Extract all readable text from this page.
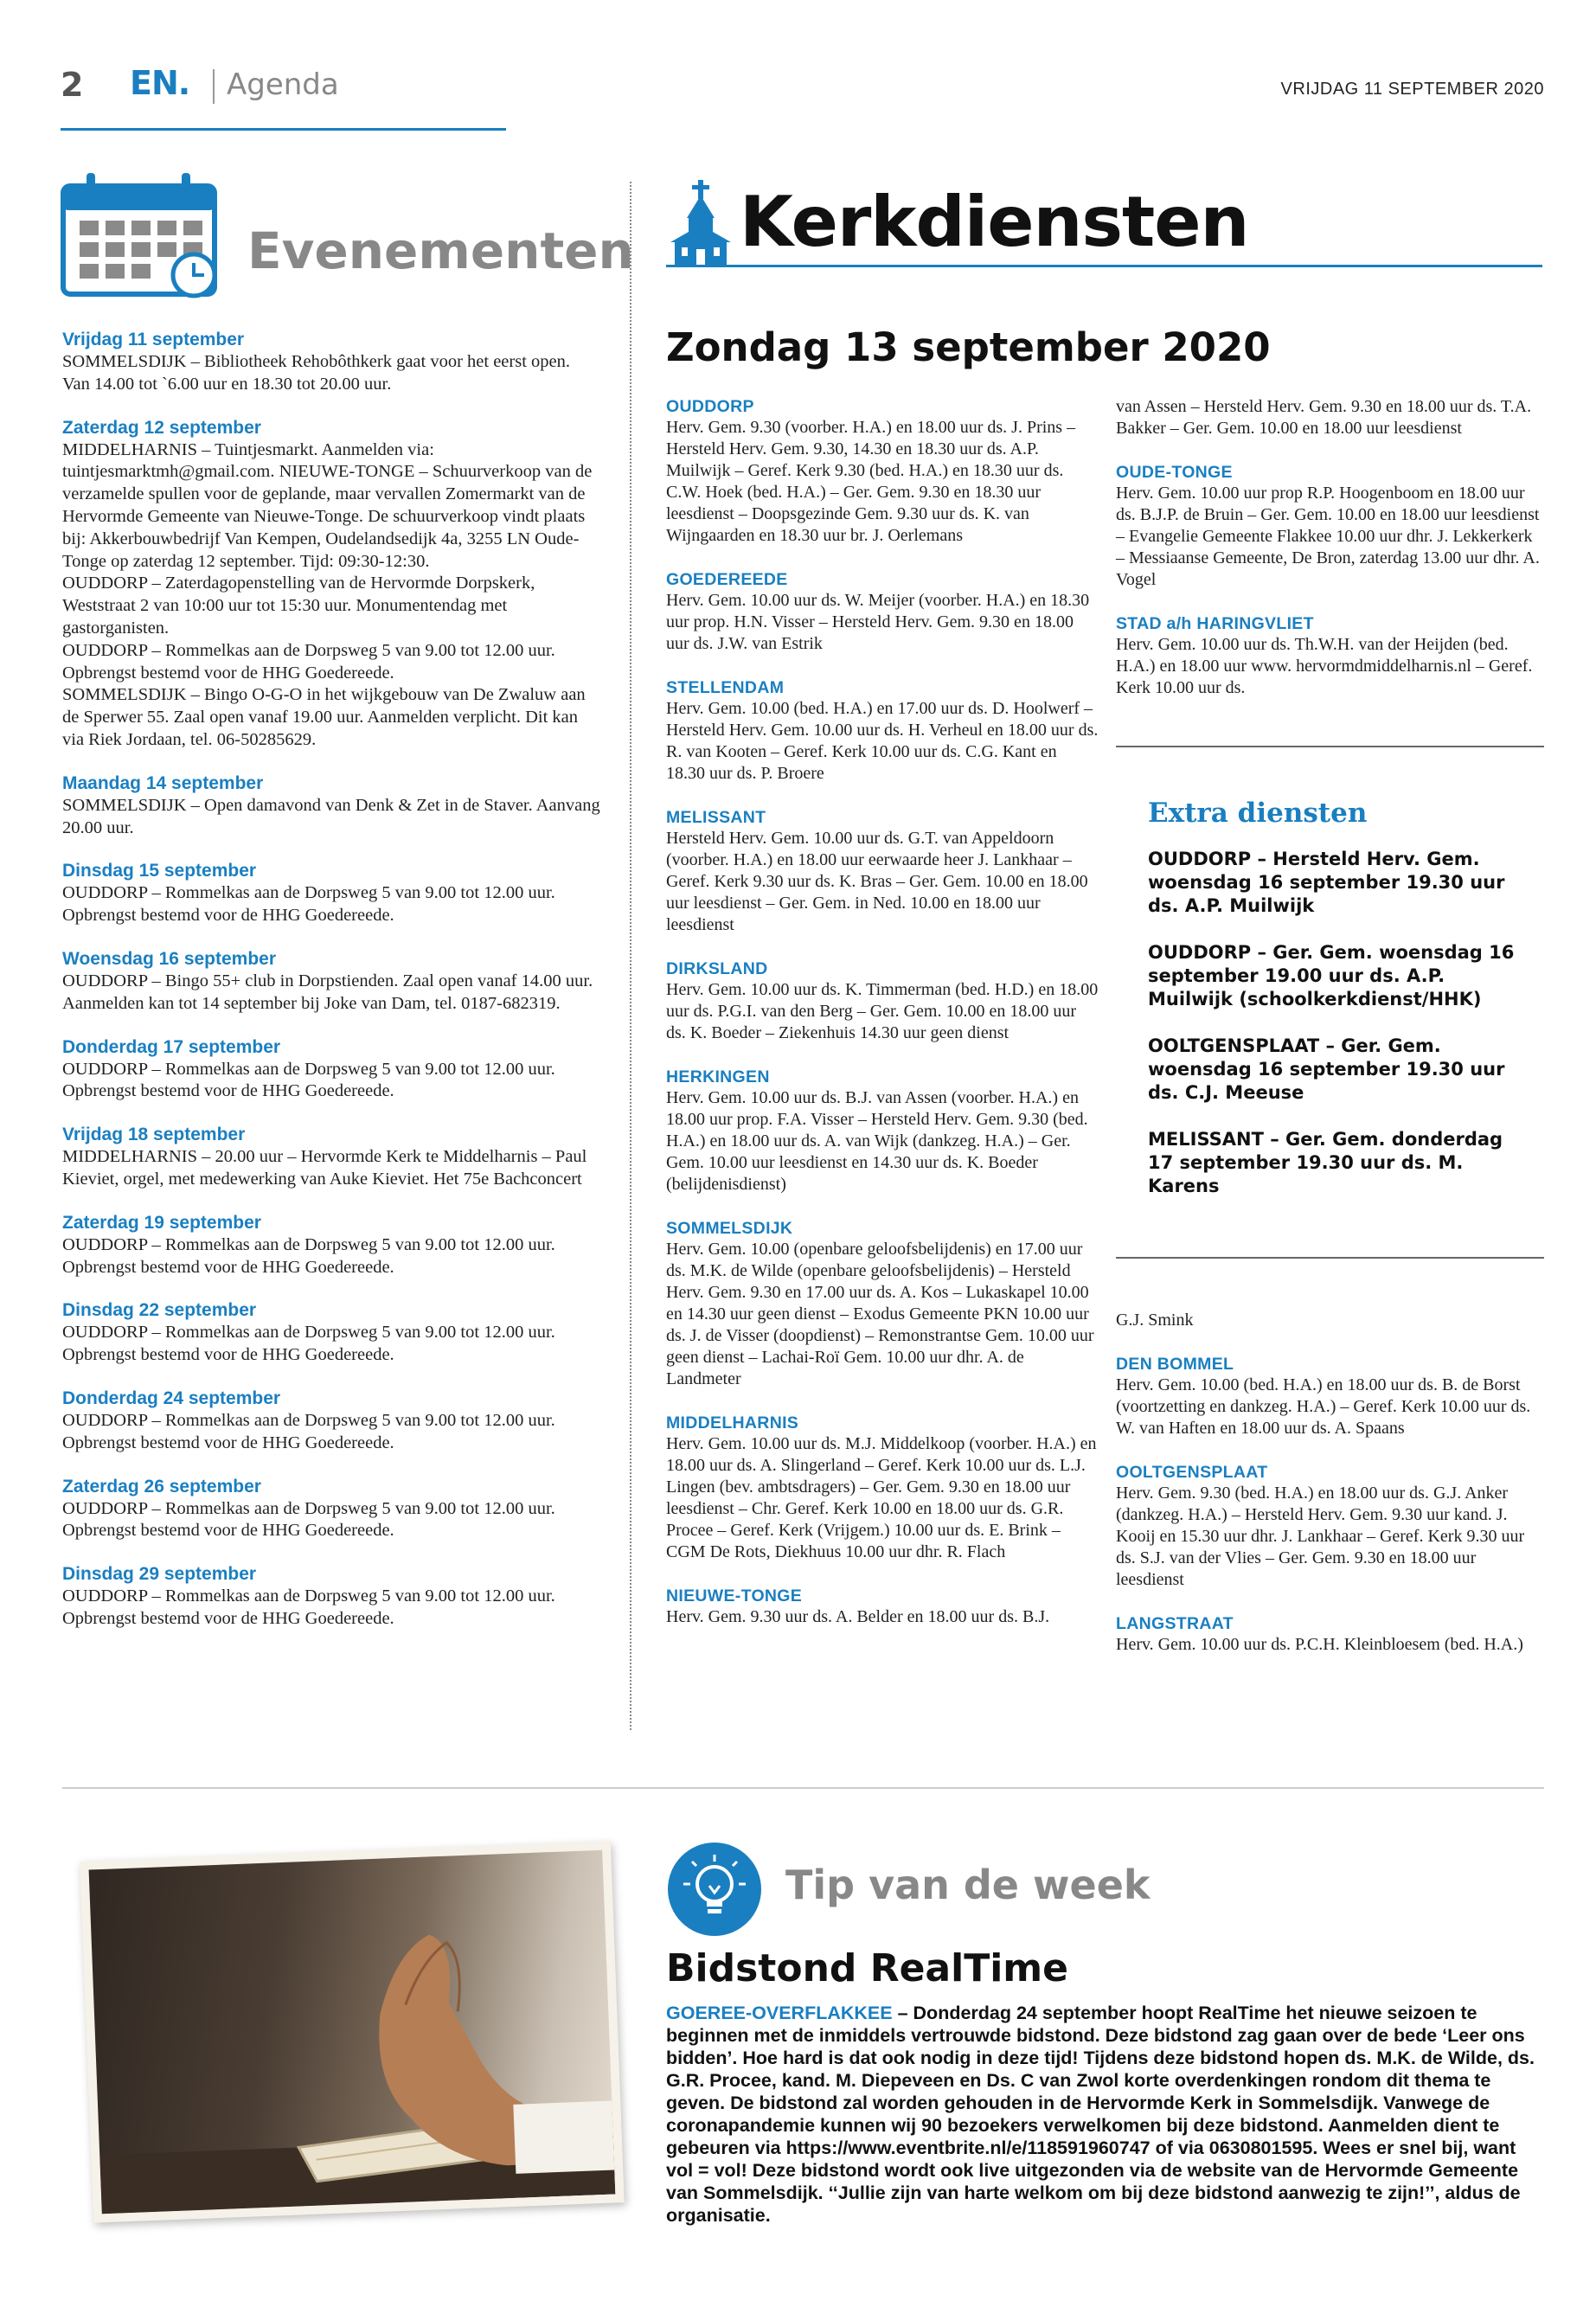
2 EN. Agenda	VRIJDAG 11 SEPTEMBER 2020
Evenementen
Vrijdag 11 september
SOMMELSDIJK – Bibliotheek Rehobôthkerk gaat voor het eerst open. Van 14.00 tot `6.00 uur en 18.30 tot 20.00 uur.
Zaterdag 12 september
MIDDELHARNIS – Tuintjesmarkt. Aanmelden via: tuintjesmarktmh@gmail.com. NIEUWE-TONGE – Schuurverkoop van de verzamelde spullen voor de geplande, maar vervallen Zomermarkt van de Hervormde Gemeente van Nieuwe-Tonge. De schuurverkoop vindt plaats bij: Akkerbouwbedrijf Van Kempen, Oudelandsedijk 4a, 3255 LN Oude-Tonge op zaterdag 12 september. Tijd: 09:30-12:30.
OUDDORP – Zaterdagopenstelling van de Hervormde Dorpskerk, Weststraat 2 van 10:00 uur tot 15:30 uur. Monumentendag met gastorganisten.
OUDDORP – Rommelkas aan de Dorpsweg 5 van 9.00 tot 12.00 uur. Opbrengst bestemd voor de HHG Goedereede.
SOMMELSDIJK – Bingo O-G-O in het wijkgebouw van De Zwaluw aan de Sperwer 55. Zaal open vanaf 19.00 uur. Aanmelden verplicht. Dit kan via Riek Jordaan, tel. 06-50285629.
Maandag 14 september
SOMMELSDIJK – Open damavond van Denk & Zet in de Staver. Aanvang 20.00 uur.
Dinsdag 15 september
OUDDORP – Rommelkas aan de Dorpsweg 5 van 9.00 tot 12.00 uur. Opbrengst bestemd voor de HHG Goedereede.
Woensdag 16 september
OUDDORP – Bingo 55+ club in Dorpstienden. Zaal open vanaf 14.00 uur. Aanmelden kan tot 14 september bij Joke van Dam, tel. 0187-682319.
Donderdag 17 september
OUDDORP – Rommelkas aan de Dorpsweg 5 van 9.00 tot 12.00 uur. Opbrengst bestemd voor de HHG Goedereede.
Vrijdag 18 september
MIDDELHARNIS – 20.00 uur – Hervormde Kerk te Middelharnis – Paul Kieviet, orgel, met medewerking van Auke Kieviet. Het 75e Bachconcert
Zaterdag 19 september
OUDDORP – Rommelkas aan de Dorpsweg 5 van 9.00 tot 12.00 uur. Opbrengst bestemd voor de HHG Goedereede.
Dinsdag 22 september
OUDDORP – Rommelkas aan de Dorpsweg 5 van 9.00 tot 12.00 uur. Opbrengst bestemd voor de HHG Goedereede.
Donderdag 24 september
OUDDORP – Rommelkas aan de Dorpsweg 5 van 9.00 tot 12.00 uur. Opbrengst bestemd voor de HHG Goedereede.
Zaterdag 26 september
OUDDORP – Rommelkas aan de Dorpsweg 5 van 9.00 tot 12.00 uur. Opbrengst bestemd voor de HHG Goedereede.
Dinsdag 29 september
OUDDORP – Rommelkas aan de Dorpsweg 5 van 9.00 tot 12.00 uur. Opbrengst bestemd voor de HHG Goedereede.
Kerkdiensten
Zondag 13 september 2020
OUDDORP
Herv. Gem. 9.30 (voorber. H.A.) en 18.00 uur ds. J. Prins – Hersteld Herv. Gem. 9.30, 14.30 en 18.30 uur ds. A.P. Muilwijk – Geref. Kerk 9.30 (bed. H.A.) en 18.30 uur ds. C.W. Hoek (bed. H.A.) – Ger. Gem. 9.30 en 18.30 uur leesdienst – Doopsgezinde Gem. 9.30 uur ds. K. van Wijngaarden en 18.30 uur br. J. Oerlemans
GOEDEREEDE
Herv. Gem. 10.00 uur ds. W. Meijer (voorber. H.A.) en 18.30 uur prop. H.N. Visser – Hersteld Herv. Gem. 9.30 en 18.00 uur ds. J.W. van Estrik
STELLENDAM
Herv. Gem. 10.00 (bed. H.A.) en 17.00 uur ds. D. Hoolwerf – Hersteld Herv. Gem. 10.00 uur ds. H. Verheul en 18.00 uur ds. R. van Kooten – Geref. Kerk 10.00 uur ds. C.G. Kant en 18.30 uur ds. P. Broere
MELISSANT
Hersteld Herv. Gem. 10.00 uur ds. G.T. van Appeldoorn (voorber. H.A.) en 18.00 uur eerwaarde heer J. Lankhaar – Geref. Kerk 9.30 uur ds. K. Bras – Ger. Gem. 10.00 en 18.00 uur leesdienst – Ger. Gem. in Ned. 10.00 en 18.00 uur leesdienst
DIRKSLAND
Herv. Gem. 10.00 uur ds. K. Timmerman (bed. H.D.) en 18.00 uur ds. P.G.I. van den Berg – Ger. Gem. 10.00 en 18.00 uur ds. K. Boeder – Ziekenhuis 14.30 uur geen dienst
HERKINGEN
Herv. Gem. 10.00 uur ds. B.J. van Assen (voorber. H.A.) en 18.00 uur prop. F.A. Visser – Hersteld Herv. Gem. 9.30 (bed. H.A.) en 18.00 uur ds. A. van Wijk (dankzeg. H.A.) – Ger. Gem. 10.00 uur leesdienst en 14.30 uur ds. K. Boeder (belijdenisdienst)
SOMMELSDIJK
Herv. Gem. 10.00 (openbare geloofsbelijdenis) en 17.00 uur ds. M.K. de Wilde (openbare geloofsbelijdenis) – Hersteld Herv. Gem. 9.30 en 17.00 uur ds. A. Kos – Lukaskapel 10.00 en 14.30 uur geen dienst – Exodus Gemeente PKN 10.00 uur ds. J. de Visser (doopdienst) – Remonstrantse Gem. 10.00 uur geen dienst – Lachai-Roï Gem. 10.00 uur dhr. A. de Landmeter
MIDDELHARNIS
Herv. Gem. 10.00 uur ds. M.J. Middelkoop (voorber. H.A.) en 18.00 uur ds. A. Slingerland – Geref. Kerk 10.00 uur ds. L.J. Lingen (bev. ambtsdragers) – Ger. Gem. 9.30 en 18.00 uur leesdienst – Chr. Geref. Kerk 10.00 en 18.00 uur ds. G.R. Procee – Geref. Kerk (Vrijgem.) 10.00 uur ds. E. Brink – CGM De Rots, Diekhuus 10.00 uur dhr. R. Flach
NIEUWE-TONGE
Herv. Gem. 9.30 uur ds. A. Belder en 18.00 uur ds. B.J.
van Assen – Hersteld Herv. Gem. 9.30 en 18.00 uur ds. T.A. Bakker – Ger. Gem. 10.00 en 18.00 uur leesdienst
OUDE-TONGE
Herv. Gem. 10.00 uur prop R.P. Hoogenboom en 18.00 uur ds. B.J.P. de Bruin – Ger. Gem. 10.00 en 18.00 uur leesdienst – Evangelie Gemeente Flakkee 10.00 uur dhr. J. Lekkerkerk – Messiaanse Gemeente, De Bron, zaterdag 13.00 uur dhr. A. Vogel
STAD a/h HARINGVLIET
Herv. Gem. 10.00 uur ds. Th.W.H. van der Heijden (bed. H.A.) en 18.00 uur www. hervormdmiddelharnis.nl – Geref. Kerk 10.00 uur ds.
Extra diensten
OUDDORP – Hersteld Herv. Gem. woensdag 16 september 19.30 uur ds. A.P. Muilwijk
OUDDORP – Ger. Gem. woensdag 16 september 19.00 uur ds. A.P. Muilwijk (schoolkerkdienst/HHK)
OOLTGENSPLAAT – Ger. Gem. woensdag 16 september 19.30 uur ds. C.J. Meeuse
MELISSANT – Ger. Gem. donderdag 17 september 19.30 uur ds. M. Karens
G.J. Smink
DEN BOMMEL
Herv. Gem. 10.00 (bed. H.A.) en 18.00 uur ds. B. de Borst (voortzetting en dankzeg. H.A.) – Geref. Kerk 10.00 uur ds. W. van Haften en 18.00 uur ds. A. Spaans
OOLTGENSPLAAT
Herv. Gem. 9.30 (bed. H.A.) en 18.00 uur ds. G.J. Anker (dankzeg. H.A.) – Hersteld Herv. Gem. 9.30 uur kand. J. Kooij en 15.30 uur dhr. J. Lankhaar – Geref. Kerk 9.30 uur ds. S.J. van der Vlies – Ger. Gem. 9.30 en 18.00 uur leesdienst
LANGSTRAAT
Herv. Gem. 10.00 uur ds. P.C.H. Kleinbloesem (bed. H.A.)
Tip van de week
Bidstond RealTime
GOEREE-OVERFLAKKEE – Donderdag 24 september hoopt RealTime het nieuwe seizoen te beginnen met de inmiddels vertrouwde bidstond. Deze bidstond zag gaan over de bede ‘Leer ons bidden’. Hoe hard is dat ook nodig in deze tijd! Tijdens deze bidstond hopen ds. M.K. de Wilde, ds. G.R. Procee, kand. M. Diepeveen en Ds. C van Zwol korte overdenkingen rondom dit thema te geven. De bidstond zal worden gehouden in de Hervormde Kerk in Sommelsdijk. Vanwege de coronapandemie kunnen wij 90 bezoekers verwelkomen bij deze bidstond. Aanmelden dient te gebeuren via https://www.eventbrite.nl/e/118591960747 of via 0630801595. Wees er snel bij, want vol = vol! Deze bidstond wordt ook live uitgezonden via de website van de Hervormde Gemeente van Sommelsdijk. ‘‘Jullie zijn van harte welkom om bij deze bidstond aanwezig te zijn!’’, aldus de organisatie.
